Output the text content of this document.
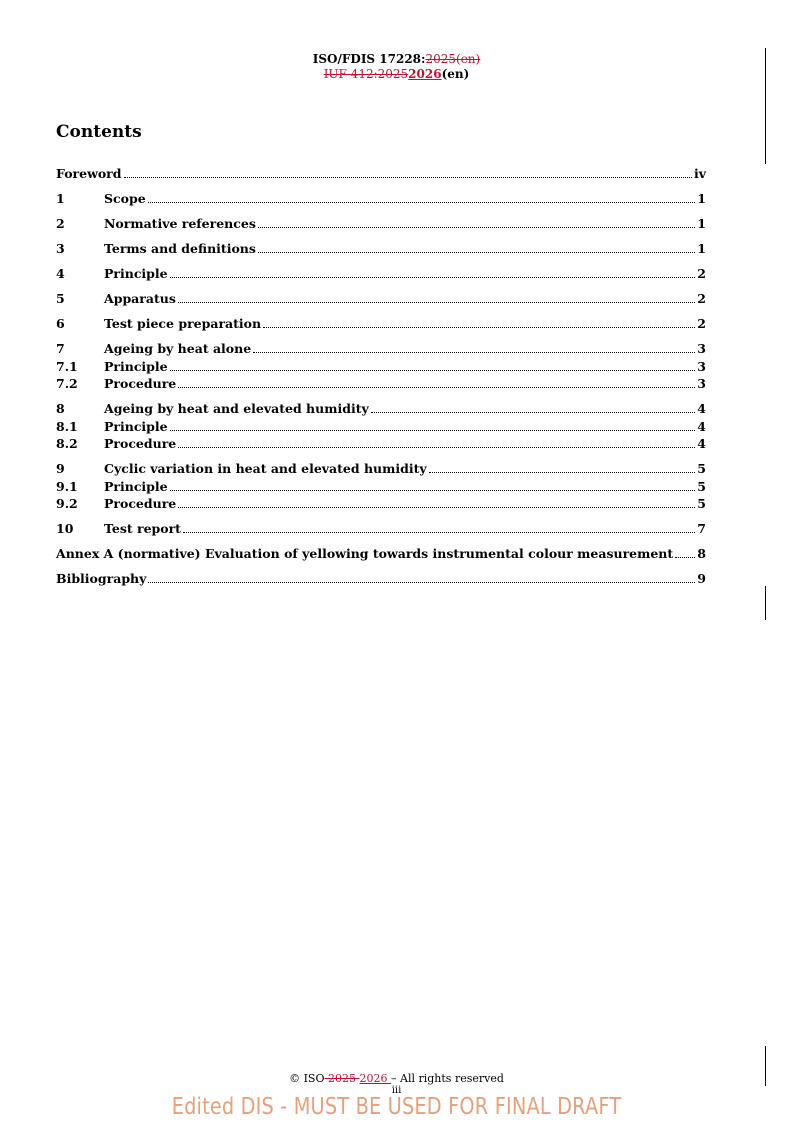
ISO/FDIS 17228:2025(en)
IUF 412:20252026(en)
Contents
Foreword	iv
1	Scope	1
2	Normative references	1
3	Terms and definitions	1
4	Principle	2
5	Apparatus	2
6	Test piece preparation	2
7	Ageing by heat alone	3
7.1	Principle	3
7.2	Procedure	3
8	Ageing by heat and elevated humidity	4
8.1	Principle	4
8.2	Procedure	4
9	Cyclic variation in heat and elevated humidity	5
9.1	Principle	5
9.2	Procedure	5
10	Test report	7
Annex A (normative) Evaluation of yellowing towards instrumental colour measurement 8
Bibliography	9
© ISO 2025 2026 – All rights reserved
iii
Edited DIS - MUST BE USED FOR FINAL DRAFT
